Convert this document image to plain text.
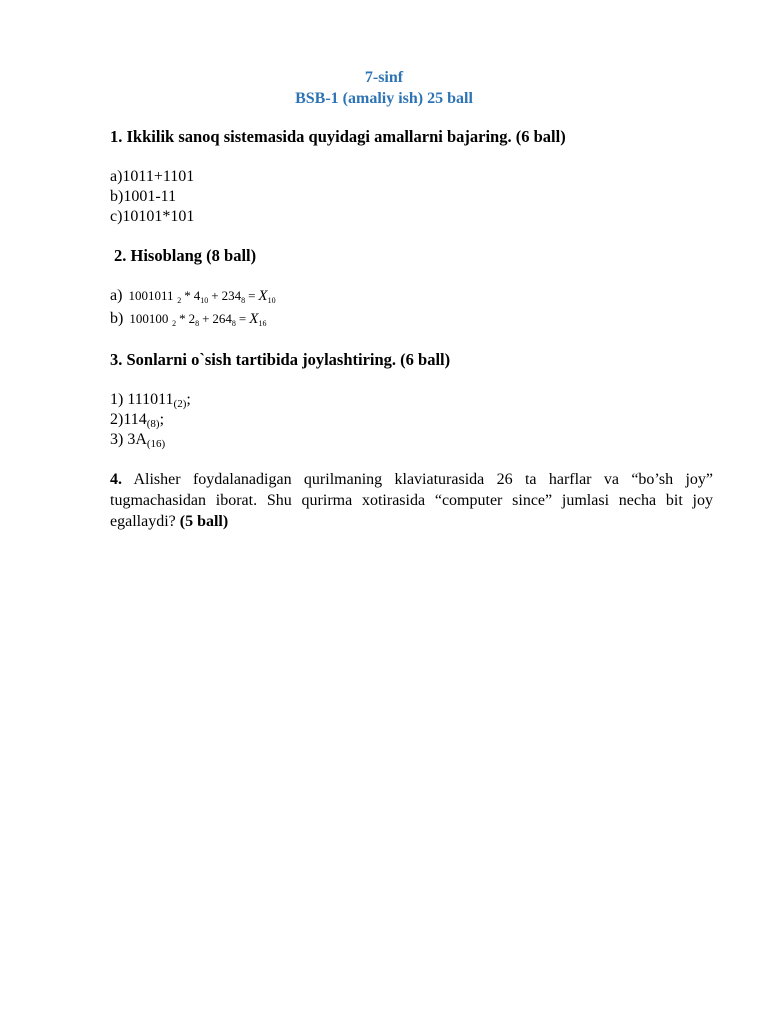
7-sinf
BSB-1 (amaliy ish) 25 ball
1. Ikkilik sanoq sistemasida quyidagi amallarni bajaring. (6 ball)
a)1011+1101
b)1001-11
c)10101*101
2. Hisoblang (8 ball)
a) 1001011 $_2 * 4_{10} + 234_8 = X_{10}$
b) 100100 $_2 * 2_8 + 264_8 = X_{16}$
3. Sonlarni o`sish tartibida joylashtiring. (6 ball)
1) $111011_{(2)}$;
$2)114_{(8)}$;
3) $3A_{(16)}$
4. Alisher foydalanadigan qurilmaning klaviaturasida 26 ta harflar va “bo’sh joy” tugmachasidan iborat. Shu qurirma xotirasida “computer since” jumlasi necha bit joy egallaydi? (5 ball)
